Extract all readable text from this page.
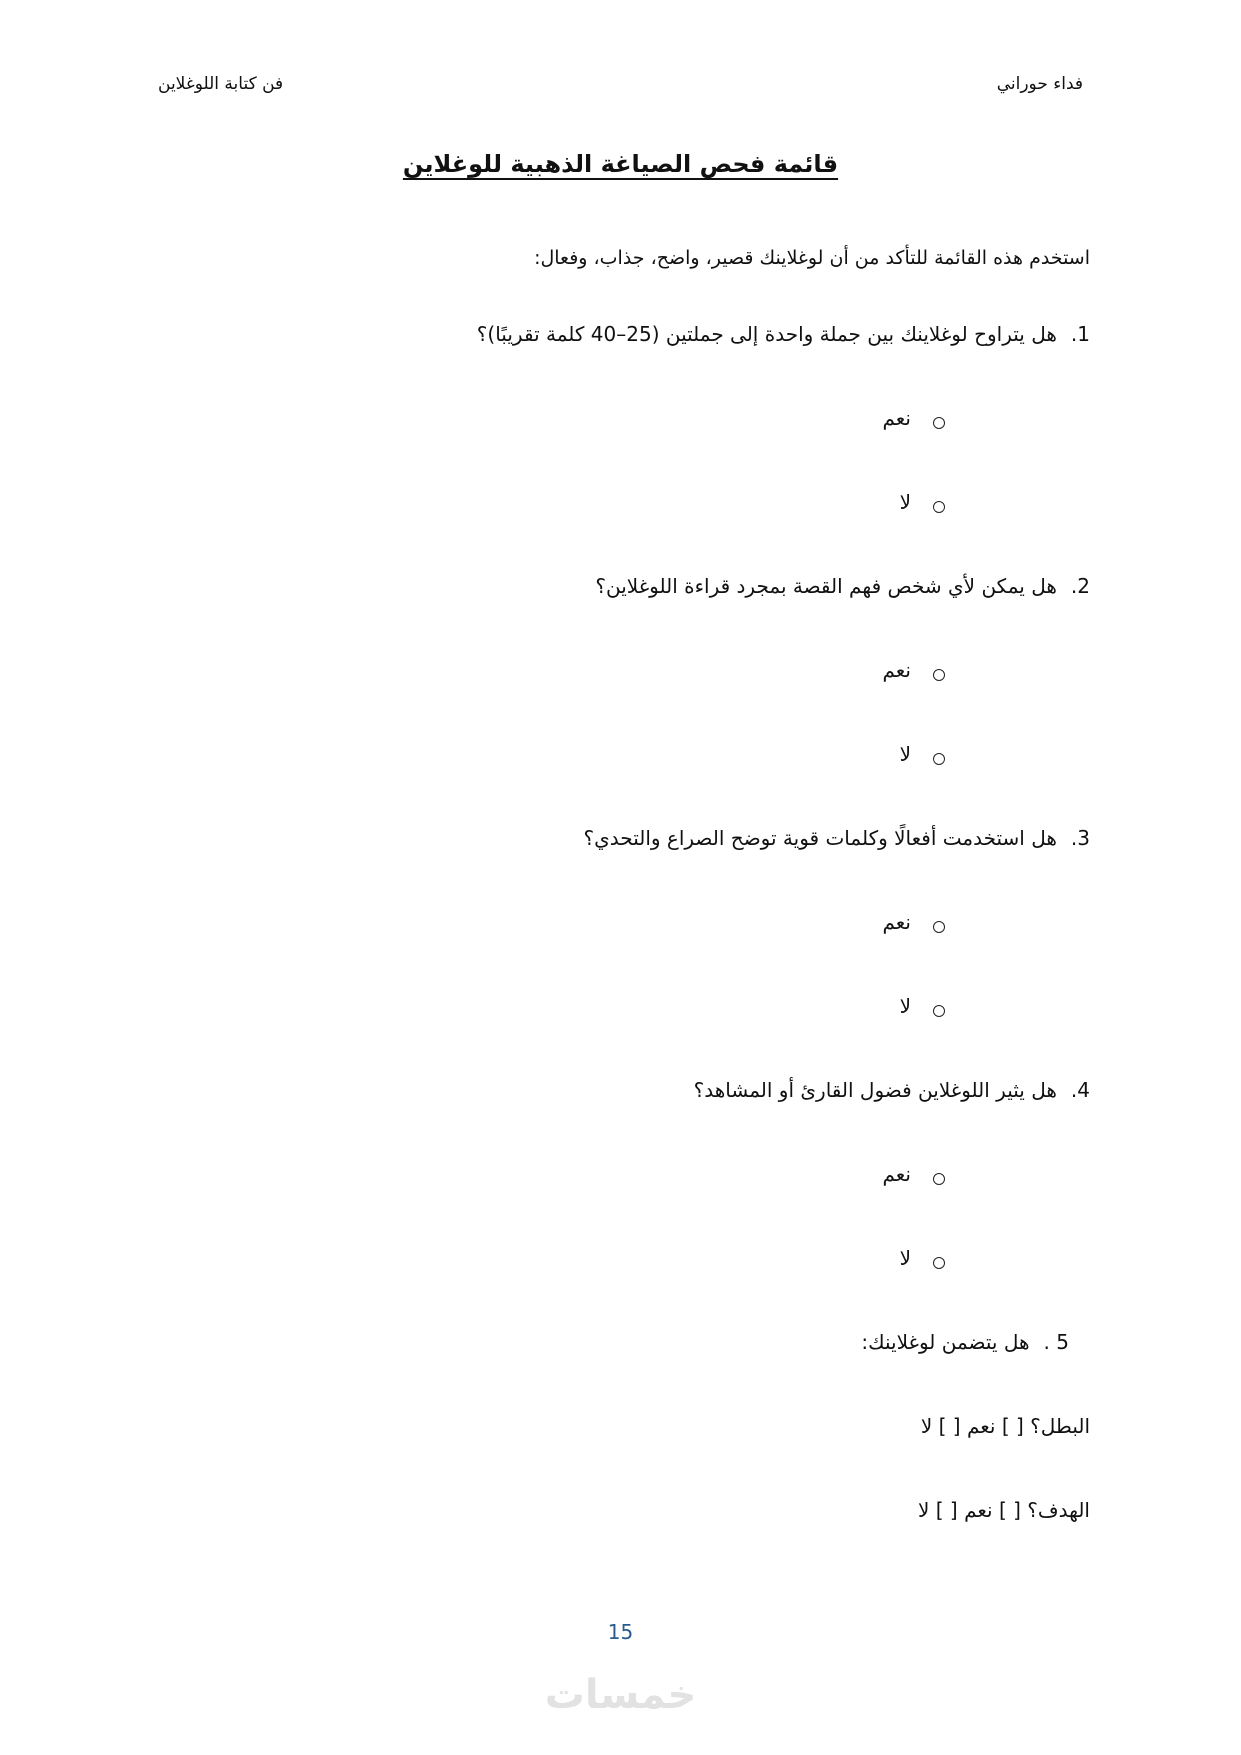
فن كتابة اللوغلاين	فداء حوراني
قائمة فحص الصياغة الذهبية للوغلاين
استخدم هذه القائمة للتأكد من أن لوغلاينك قصير، واضح، جذاب، وفعال:
1.هل يتراوح لوغلاينك بين جملة واحدة إلى جملتين (25–40 كلمة تقريبًا)؟
نعم
لا
2.هل يمكن لأي شخص فهم القصة بمجرد قراءة اللوغلاين؟
نعم
لا
3.هل استخدمت أفعالًا وكلمات قوية توضح الصراع والتحدي؟
نعم
لا
4.هل يثير اللوغلاين فضول القارئ أو المشاهد؟
نعم
لا
5 .هل يتضمن لوغلاينك:
البطل؟ [ ] نعم [ ] لا
الهدف؟ [ ] نعم [ ] لا
15
خمسات
